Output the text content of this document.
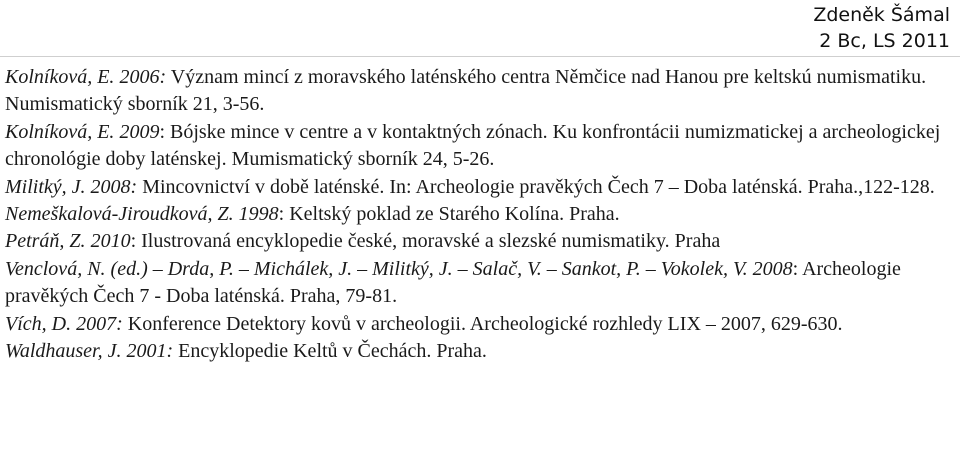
Zdeněk Šámal
2 Bc, LS 2011

Kolníková, E. 2006: Význam mincí z moravského laténského centra Němčice nad Hanou pre keltskú numismatiku. Numismatický sborník 21, 3-56.

Kolníková, E. 2009: Bójske mince v centre a v kontaktných zónach. Ku konfrontácii numizmatickej a archeologickej chronológie doby laténskej. Mumismatický sborník 24, 5-26.

Militký, J. 2008: Mincovnictví v době laténské. In: Archeologie pravěkých Čech 7 – Doba laténská. Praha.,122-128.

Nemeškalová-Jiroudková, Z. 1998: Keltský poklad ze Starého Kolína. Praha.

Petráň, Z. 2010: Ilustrovaná encyklopedie české, moravské a slezské numismatiky. Praha

Venclová, N. (ed.) – Drda, P. – Michálek, J. – Militký, J. – Salač, V. – Sankot, P. – Vokolek, V. 2008: Archeologie pravěkých Čech 7 - Doba laténská. Praha, 79-81.

Vích, D. 2007: Konference Detektory kovů v archeologii. Archeologické rozhledy LIX – 2007, 629-630.

Waldhauser, J. 2001: Encyklopedie Keltů v Čechách. Praha.
